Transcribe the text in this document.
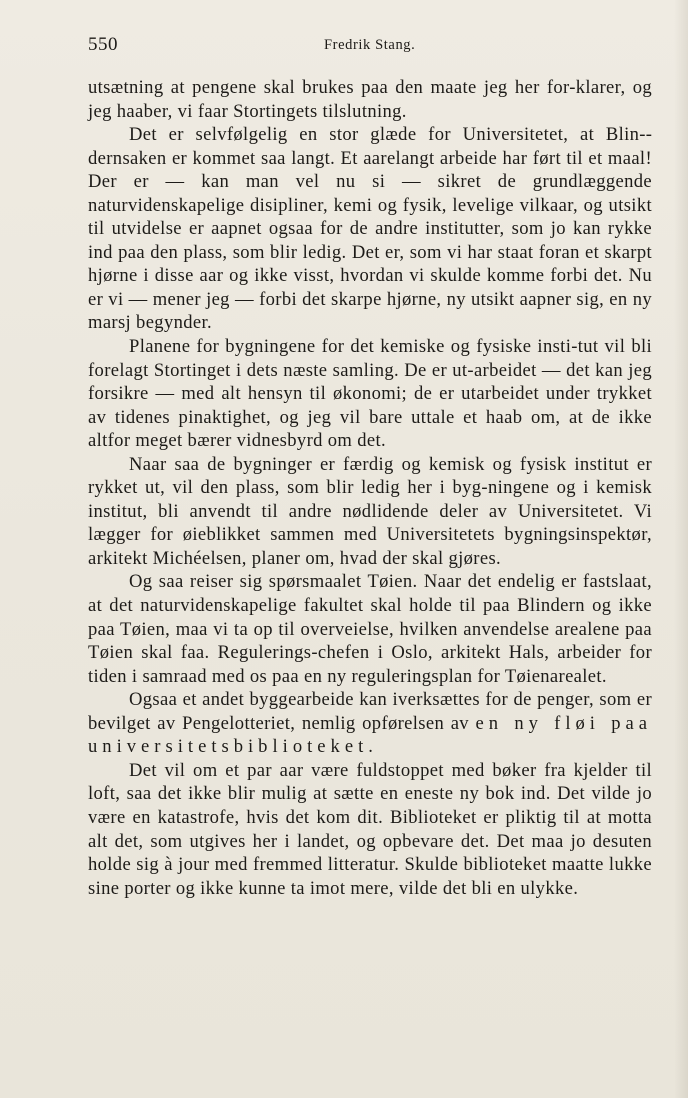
550	Fredrik Stang.

utsætning at pengene skal brukes paa den maate jeg her for-klarer, og jeg haaber, vi faar Stortingets tilslutning.

Det er selvfølgelig en stor glæde for Universitetet, at Blin-dernsaken er kommet saa langt. Et aarelangt arbeide har ført til et maal! Der er — kan man vel nu si — sikret de grundlæggende naturvidenskapelige disipliner, kemi og fysik, levelige vilkaar, og utsikt til utvidelse er aapnet ogsaa for de andre institutter, som jo kan rykke ind paa den plass, som blir ledig. Det er, som vi har staat foran et skarpt hjørne i disse aar og ikke visst, hvordan vi skulde komme forbi det. Nu er vi — mener jeg — forbi det skarpe hjørne, ny utsikt aapner sig, en ny marsj begynder.

Planene for bygningene for det kemiske og fysiske insti-tut vil bli forelagt Stortinget i dets næste samling. De er ut-arbeidet — det kan jeg forsikre — med alt hensyn til økonomi; de er utarbeidet under trykket av tidenes pinaktighet, og jeg vil bare uttale et haab om, at de ikke altfor meget bærer vidnesbyrd om det.

Naar saa de bygninger er færdig og kemisk og fysisk institut er rykket ut, vil den plass, som blir ledig her i byg-ningene og i kemisk institut, bli anvendt til andre nødlidende deler av Universitetet. Vi lægger for øieblikket sammen med Universitetets bygningsinspektør, arkitekt Michéelsen, planer om, hvad der skal gjøres.

Og saa reiser sig spørsmaalet Tøien. Naar det endelig er fastslaat, at det naturvidenskapelige fakultet skal holde til paa Blindern og ikke paa Tøien, maa vi ta op til overveielse, hvilken anvendelse arealene paa Tøien skal faa. Regulerings-chefen i Oslo, arkitekt Hals, arbeider for tiden i samraad med os paa en ny reguleringsplan for Tøienarealet.

Ogsaa et andet byggearbeide kan iverksættes for de penger, som er bevilget av Pengelotteriet, nemlig opførelsen av en ny fløi paa universitetsbiblioteket.

Det vil om et par aar være fuldstoppet med bøker fra kjelder til loft, saa det ikke blir mulig at sætte en eneste ny bok ind. Det vilde jo være en katastrofe, hvis det kom dit. Biblioteket er pliktig til at motta alt det, som utgives her i landet, og opbevare det. Det maa jo desuten holde sig à jour med fremmed litteratur. Skulde biblioteket maatte lukke sine porter og ikke kunne ta imot mere, vilde det bli en ulykke.
